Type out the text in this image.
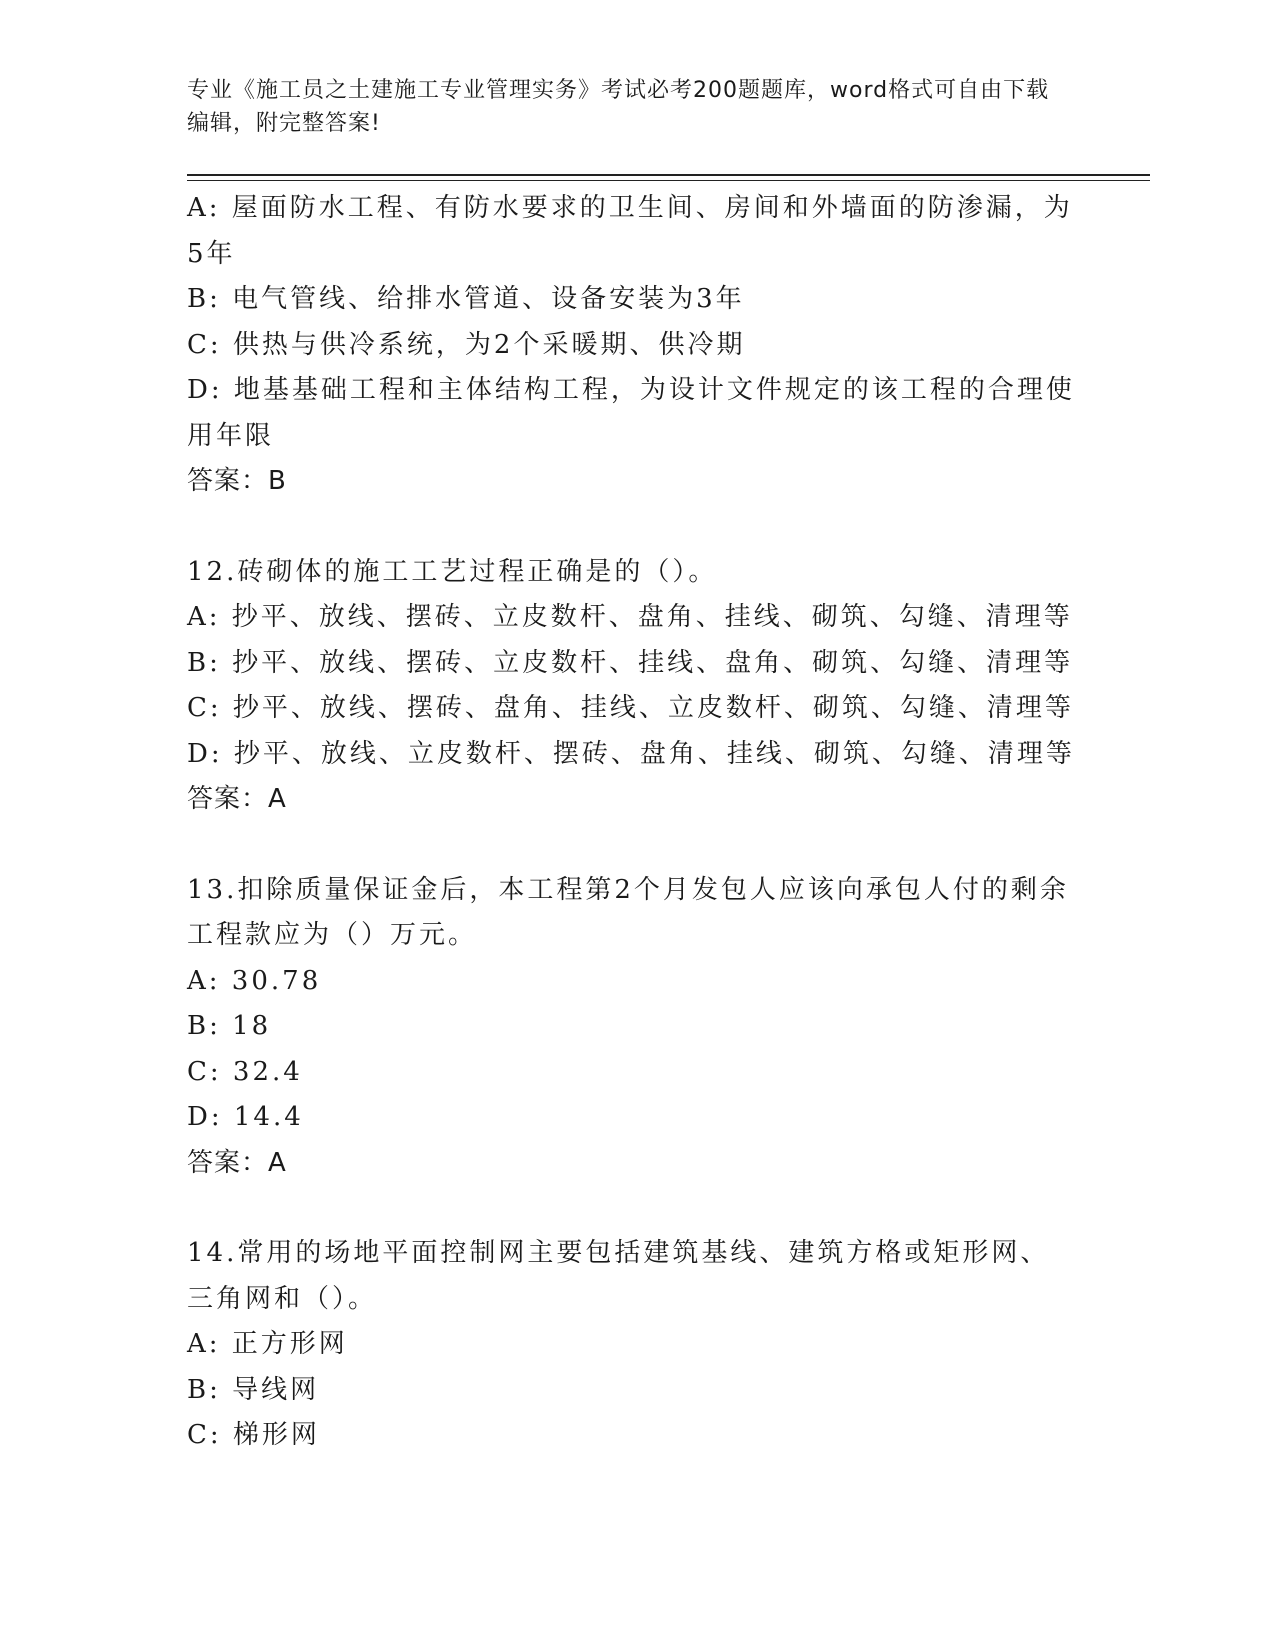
专业《施工员之土建施工专业管理实务》考试必考200题题库，word格式可自由下载编辑，附完整答案!
A: 屋面防水工程、有防水要求的卫生间、房间和外墙面的防渗漏，为5年
B: 电气管线、给排水管道、设备安装为3年
C: 供热与供冷系统，为2个采暖期、供冷期
D: 地基基础工程和主体结构工程，为设计文件规定的该工程的合理使用年限
答案：B
12.砖砌体的施工工艺过程正确是的（）。
A: 抄平、放线、摆砖、立皮数杆、盘角、挂线、砌筑、勾缝、清理等
B: 抄平、放线、摆砖、立皮数杆、挂线、盘角、砌筑、勾缝、清理等
C: 抄平、放线、摆砖、盘角、挂线、立皮数杆、砌筑、勾缝、清理等
D: 抄平、放线、立皮数杆、摆砖、盘角、挂线、砌筑、勾缝、清理等
答案：A
13.扣除质量保证金后，本工程第2个月发包人应该向承包人付的剩余工程款应为（）万元。
A: 30.78
B: 18
C: 32.4
D: 14.4
答案：A
14.常用的场地平面控制网主要包括建筑基线、建筑方格或矩形网、三角网和（）。
A: 正方形网
B: 导线网
C: 梯形网
